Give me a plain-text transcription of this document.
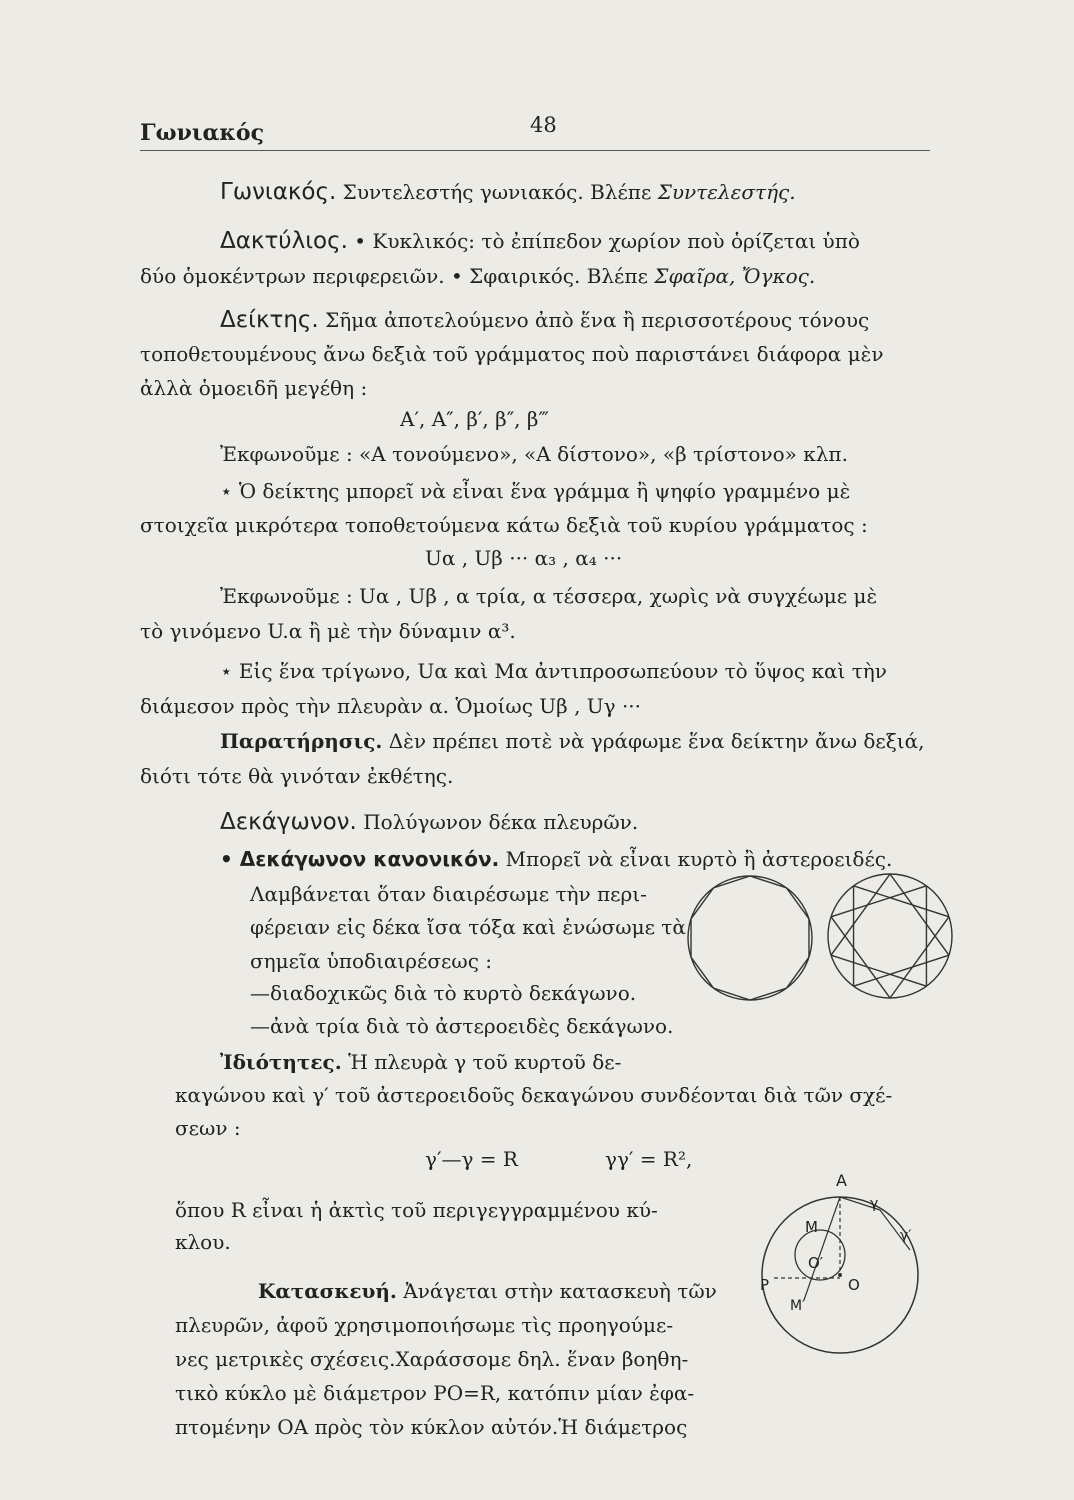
Γωνιακός	48
Γωνιακός. Συντελεστής γωνιακός. Βλέπε Συντελεστής.
Δακτύλιος. • Κυκλικός: τὸ ἐπίπεδον χωρίον ποὺ ὁρίζεται ὑπὸ
δύο ὁμοκέντρων περιφερειῶν. • Σφαιρικός. Βλέπε Σφαῖρα, Ὄγκος.
Δείκτης. Σῆμα ἀποτελούμενο ἀπὸ ἕνα ἢ περισσοτέρους τόνους
τοποθετουμένους ἄνω δεξιὰ τοῦ γράμματος ποὺ παριστάνει διάφορα μὲν
ἀλλὰ ὁμοειδῆ μεγέθη :
Α′, Α″, β′, β″, β‴
Ἐκφωνοῦμε : «Α τονούμενο», «Α δίστονο», «β τρίστονο» κλπ.
⋆ Ὁ δείκτης μπορεῖ νὰ εἶναι ἕνα γράμμα ἢ ψηφίο γραμμένο μὲ
στοιχεῖα μικρότερα τοποθετούμενα κάτω δεξιὰ τοῦ κυρίου γράμματος :
Uα , Uβ ··· α₃ , α₄ ···
Ἐκφωνοῦμε : Uα , Uβ , α τρία, α τέσσερα, χωρὶς νὰ συγχέωμε μὲ
τὸ γινόμενο U.α ἢ μὲ τὴν δύναμιν α³.
⋆ Εἰς ἕνα τρίγωνο, Uα καὶ Mα ἀντιπροσωπεύουν τὸ ὕψος καὶ τὴν
διάμεσον πρὸς τὴν πλευρὰν α. Ὁμοίως Uβ , Uγ ···
Παρατήρησις. Δὲν πρέπει ποτὲ νὰ γράφωμε ἕνα δείκτην ἄνω δεξιά,
διότι τότε θὰ γινόταν ἐκθέτης.
Δεκάγωνον. Πολύγωνον δέκα πλευρῶν.
• Δεκάγωνον κανονικόν. Μπορεῖ νὰ εἶναι κυρτὸ ἢ ἀστεροειδές.
Λαμβάνεται ὅταν διαιρέσωμε τὴν περι-
φέρειαν εἰς δέκα ἴσα τόξα καὶ ἑνώσωμε τὰ
σημεῖα ὑποδιαιρέσεως :
—διαδοχικῶς διὰ τὸ κυρτὸ δεκάγωνο.
—ἀνὰ τρία διὰ τὸ ἀστεροειδὲς δεκάγωνο.
Ἰδιότητες. Ἡ πλευρὰ γ τοῦ κυρτοῦ δε-
καγώνου καὶ γ′ τοῦ ἀστεροειδοῦς δεκαγώνου συνδέονται διὰ τῶν σχέ-
σεων :
γ′—γ = R	γγ′ = R²,
ὅπου R εἶναι ἡ ἀκτὶς τοῦ περιγεγγραμμένου κύ-
κλου.
Κατασκευή. Ἀνάγεται στὴν κατασκευὴ τῶν
πλευρῶν, ἀφοῦ χρησιμοποιήσωμε τὶς προηγούμε-
νες μετρικὲς σχέσεις.Χαράσσομε δηλ. ἕναν βοηθη-
τικὸ κύκλο μὲ διάμετρον ΡΟ=R, κατόπιν μίαν ἐφα-
πτομένην ΟΑ πρὸς τὸν κύκλον αὐτόν.Ἡ διάμετρος
A
M
O′
O
P
M′
γ
γ′
